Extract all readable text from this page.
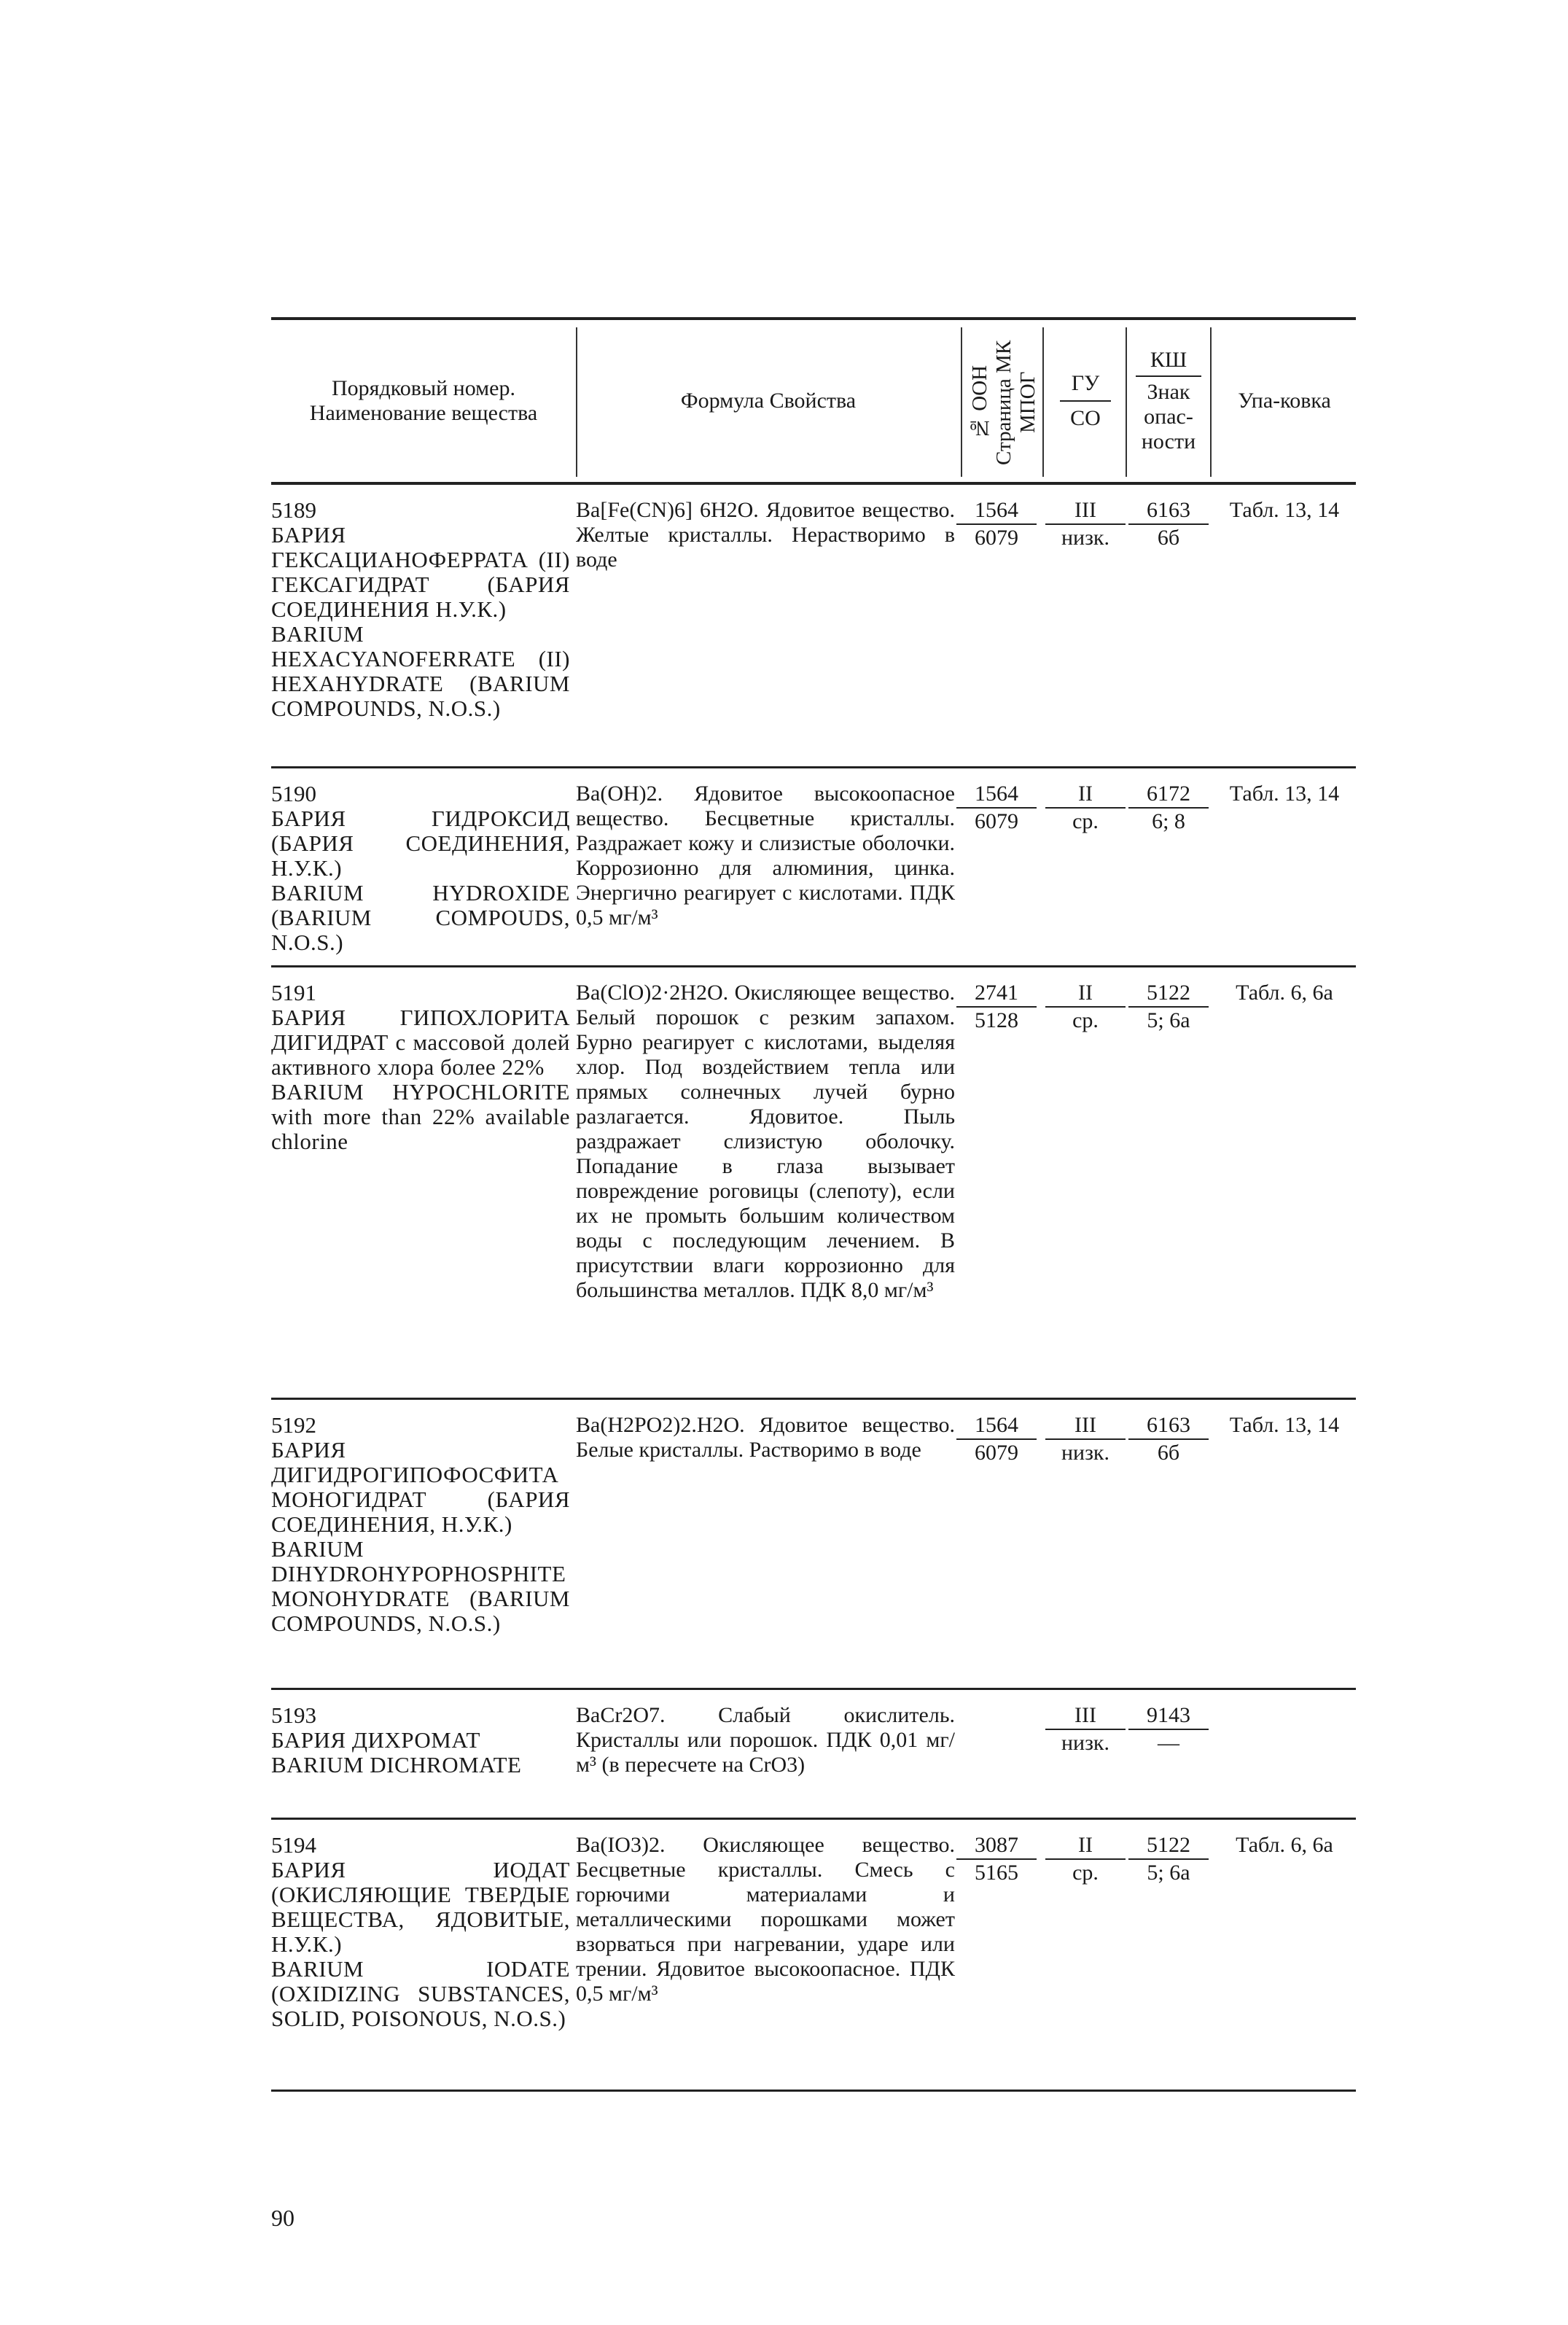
Порядковый номер. Наименование вещества
Формула Свойства	№ ООН Страница МК МПОГ	ГУ
СО
КШ
Знак опас-ности
Упа-ковка
5189
БАРИЯ ГЕКСАЦИАНОФЕРРАТА (II) ГЕКСАГИДРАТ (БАРИЯ СОЕДИНЕНИЯ Н.У.К.)
BARIUM HEXACYANOFERRATE (II) HEXAHYDRATE (BARIUM COMPOUNDS, N.O.S.)
Ba[Fe(CN)6] 6H2O. Ядовитое вещество. Желтые кристаллы. Нерастворимо в воде
1564
6079
III
низк.
6163
6б
Табл. 13, 14
5190
БАРИЯ ГИДРОКСИД (БАРИЯ СОЕДИНЕНИЯ, Н.У.К.)
BARIUM HYDROXIDE (BARIUM COMPOUDS, N.O.S.)
Ba(OH)2. Ядовитое высокоопасное вещество. Бесцветные кристаллы. Раздражает кожу и слизистые оболочки. Коррозионно для алюминия, цинка. Энергично реагирует с кислотами. ПДК 0,5 мг/м³
1564
6079
II
ср.
6172
6; 8
Табл. 13, 14
5191
БАРИЯ ГИПОХЛОРИТА ДИГИДРАТ с массовой долей активного хлора более 22%
BARIUM HYPOCHLORITE with more than 22% available chlorine
Ba(ClO)2·2H2O. Окисляющее вещество. Белый порошок с резким запахом. Бурно реагирует с кислотами, выделяя хлор. Под воздействием тепла или прямых солнечных лучей бурно разлагается. Ядовитое. Пыль раздражает слизистую оболочку. Попадание в глаза вызывает повреждение роговицы (слепоту), если их не промыть большим количеством воды с последующим лечением. В присутствии влаги коррозионно для большинства металлов. ПДК 8,0 мг/м³
2741
5128
II
ср.
5122
5; 6а
Табл. 6, 6а
5192
БАРИЯ ДИГИДРОГИПОФОСФИТА МОНОГИДРАТ (БАРИЯ СОЕДИНЕНИЯ, Н.У.К.)
BARIUM DIHYDROHYPOPHOSPHITE MONOHYDRATE (BARIUM COMPOUNDS, N.O.S.)
Ba(H2PO2)2.H2O. Ядовитое вещество. Белые кристаллы. Растворимо в воде
1564
6079
III
низк.
6163
6б
Табл. 13, 14
5193
БАРИЯ ДИХРОМАТ
BARIUM DICHROMATE
BaCr2O7. Слабый окислитель. Кристаллы или порошок. ПДК 0,01 мг/м³ (в пересчете на CrO3)
III
низк.
9143
—
5194
БАРИЯ ИОДАТ (ОКИСЛЯЮЩИЕ ТВЕРДЫЕ ВЕЩЕСТВА, ЯДОВИТЫЕ, Н.У.К.)
BARIUM IODATE (OXIDIZING SUBSTANCES, SOLID, POISONOUS, N.O.S.)
Ba(IO3)2. Окисляющее вещество. Бесцветные кристаллы. Смесь с горючими материалами и металлическими порошками может взорваться при нагревании, ударе или трении. Ядовитое высокоопасное. ПДК 0,5 мг/м³
3087
5165
II
ср.
5122
5; 6а
Табл. 6, 6а
90
